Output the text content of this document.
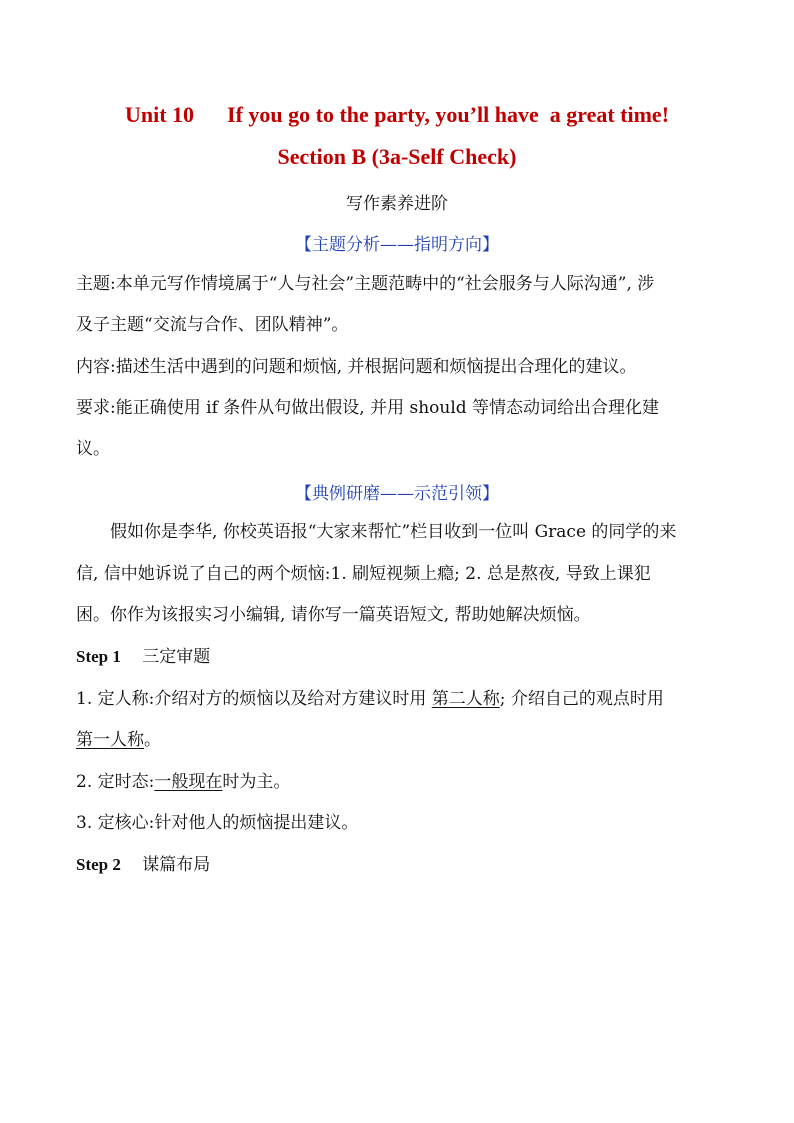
Unit 10      If you go to the party, you’ll have  a great time!
Section B (3a-Self Check)
写作素养进阶
【主题分析——指明方向】
主题:本单元写作情境属于“人与社会”主题范畴中的“社会服务与人际沟通”, 涉
及子主题“交流与合作、团队精神”。
内容:描述生活中遇到的问题和烦恼, 并根据问题和烦恼提出合理化的建议。
要求:能正确使用 if 条件从句做出假设, 并用 should 等情态动词给出合理化建
议。
【典例研磨——示范引领】
假如你是李华, 你校英语报“大家来帮忙”栏目收到一位叫 Grace 的同学的来
信, 信中她诉说了自己的两个烦恼:1. 刷短视频上瘾; 2. 总是熬夜, 导致上课犯
困。你作为该报实习小编辑, 请你写一篇英语短文, 帮助她解决烦恼。
Step 1 三定审题
1. 定人称:介绍对方的烦恼以及给对方建议时用 第二人称; 介绍自己的观点时用
第一人称。
2. 定时态:一般现在时为主。
3. 定核心:针对他人的烦恼提出建议。
Step 2 谋篇布局
